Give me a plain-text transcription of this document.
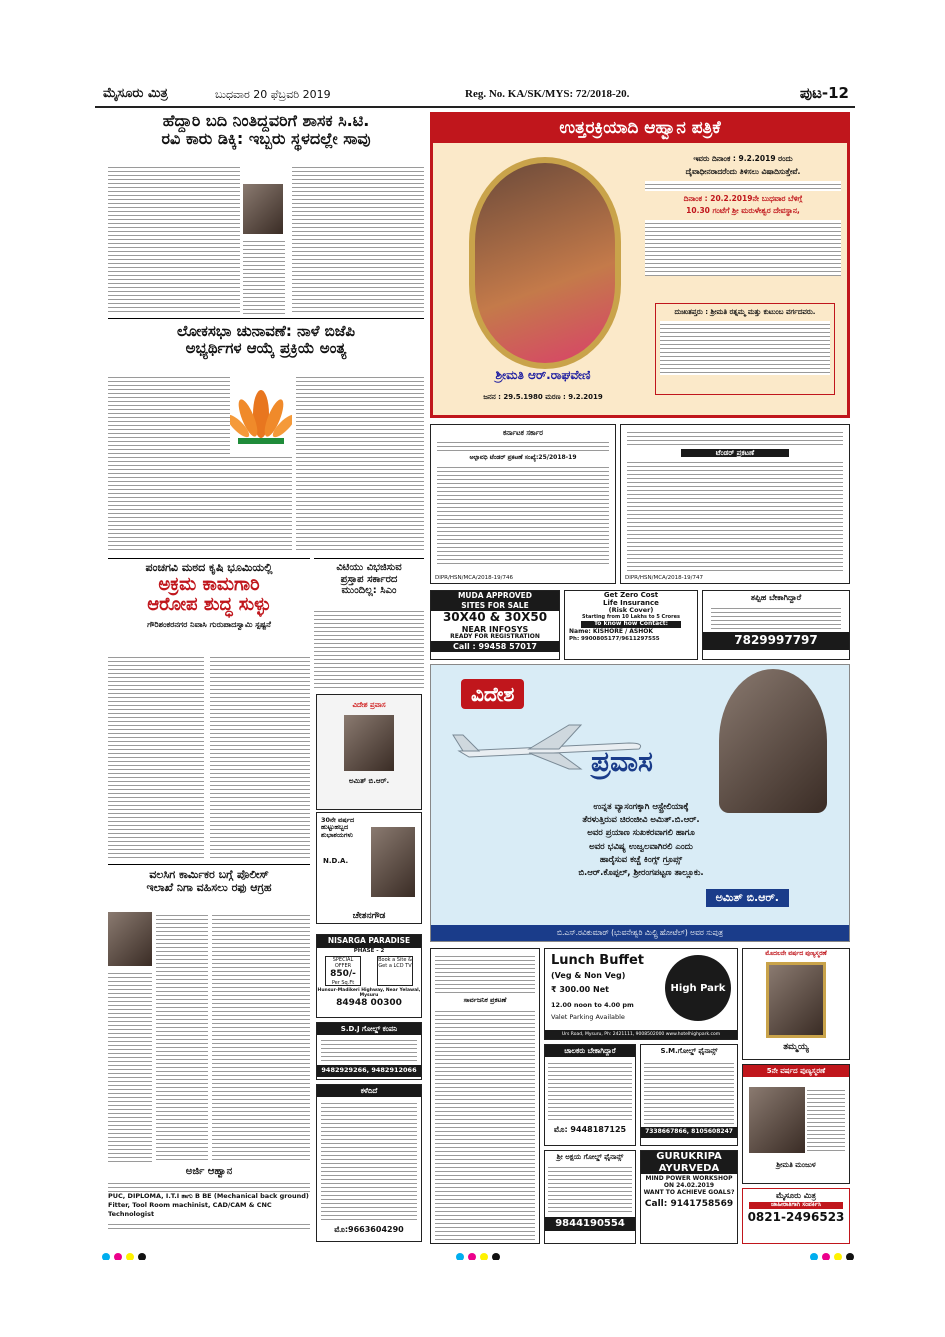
ಮೈಸೂರು ಮಿತ್ರ	ಬುಧವಾರ 20 ಫೆಬ್ರವರಿ 2019	Reg. No. KA/SK/MYS: 72/2018-20.	ಪುಟ-12
ಹೆದ್ದಾರಿ ಬದಿ ನಿಂತಿದ್ದವರಿಗೆ ಶಾಸಕ ಸಿ.ಟಿ.
ರವಿ ಕಾರು ಡಿಕ್ಕಿ: ಇಬ್ಬರು ಸ್ಥಳದಲ್ಲೇ ಸಾವು
ಲೋಕಸಭಾ ಚುನಾವಣೆ: ನಾಳೆ ಬಿಜೆಪಿ
ಅಭ್ಯರ್ಥಿಗಳ ಆಯ್ಕೆ ಪ್ರಕ್ರಿಯೆ ಅಂತ್ಯ
ಪಂಚಗವಿ ಮಠದ ಕೃಷಿ ಭೂಮಿಯಲ್ಲಿ
ಅಕ್ರಮ ಕಾಮಗಾರಿ
ಆರೋಪ ಶುದ್ಧ ಸುಳ್ಳು
ಗೌರಿಶಂಕರನಗರ ನಿವಾಸಿ ಗುರುಪಾದಸ್ವಾಮಿ ಸ್ಪಷ್ಟನೆ
ವಿಟಿಯು ವಿಭಜಿಸುವ
ಪ್ರಸ್ತಾಪ ಸರ್ಕಾರದ
ಮುಂದಿಲ್ಲ: ಸಿಎಂ
ವಿದೇಶ ಪ್ರವಾಸ
ಅಮಿತ್ ಬಿ.ಆರ್.
30ನೇ ವರ್ಷದ ಹುಟ್ಟುಹಬ್ಬದ ಶುಭಾಶಯಗಳು
N.D.A.
ಚೇತನಗೌಡ
NISARGA PARADISE
PHASE - 2
SPECIAL OFFER
850/-
Per Sq.Ft
Book a Site & Get a LCD TV
Hunsur-Madikeri Highway, Near Yelawal, Mysuru
84948 00300
S.D.J ಗೋಲ್ಡ್ ಕಂಪನಿ
9482929266, 9482912066
ಕಳೆದಿದೆ
ಮೊ:9663604290
ವಲಸಿಗ ಕಾರ್ಮಿಕರ ಬಗ್ಗೆ ಪೊಲೀಸ್
ಇಲಾಖೆ ನಿಗಾ ವಹಿಸಲು ರಫು ಆಗ್ರಹ
ಅರ್ಜಿ ಆಹ್ವಾನ
PUC, DIPLOMA, I.T.I ತಾಗು B BE (Mechanical back ground) Fitter, Tool Room machinist, CAD/CAM & CNC Technologist
ಉತ್ತರಕ್ರಿಯಾದಿ ಆಹ್ವಾನ ಪತ್ರಿಕೆ
ಶ್ರೀಮತಿ ಆರ್.ರಾಘವೇಣಿ
ಜನನ : 29.5.1980 ಮರಣ : 9.2.2019
ಇವರು ದಿನಾಂಕ : 9.2.2019 ರಂದು
ದೈವಾಧೀನರಾದರೆಂದು ತಿಳಿಸಲು ವಿಷಾದಿಸುತ್ತೇವೆ.
ದಿನಾಂಕ : 20.2.2019ನೇ ಬುಧವಾರ ಬೆಳಿಗ್ಗೆ
10.30 ಗಂಟೆಗೆ ಶ್ರೀ ಮರುಳೇಶ್ವರ ದೇವಸ್ಥಾನ,
ದುಃಖತಪ್ತರು : ಶ್ರೀಮತಿ ರತ್ನಮ್ಮ ಮತ್ತು ಕುಟುಂಬ ವರ್ಗದವರು.
ಕರ್ನಾಟಕ ಸರ್ಕಾರ
ಅಲ್ಪಾವಧಿ ಟೆಂಡರ್ ಪ್ರಕಟಣೆ ಸಂಖ್ಯೆ:25/2018-19
DIPR/HSN/MCA/2018-19/746
ಟೆಂಡರ್ ಪ್ರಕಟಣೆ
DIPR/HSN/MCA/2018-19/747
MUDA APPROVED
SITES FOR SALE
30X40 & 30X50
NEAR INFOSYS
READY FOR REGISTRATION
Call : 99458 57017
Get Zero Cost
Life Insurance
(Risk Cover)
Starting from 10 Lakhs to 5 Crores
To know how Contact:
Name: KISHORE / ASHOK
Ph: 9900805177/9611297555
ತಪ್ಪಿಹ ಬೇಕಾಗಿದ್ದಾರೆ
7829997797
ವಿದೇಶ
ಪ್ರವಾಸ
ಉನ್ನತ ವ್ಯಾಸಂಗಕ್ಕಾಗಿ ಆಸ್ಟ್ರೇಲಿಯಾಕ್ಕೆ
ತೆರಳುತ್ತಿರುವ ಚಿರಂಜೀವಿ ಅಮಿತ್.ಬಿ.ಆರ್.
ಅವರ ಪ್ರಯಾಣ ಸುಖಕರವಾಗಲಿ ಹಾಗೂ
ಅವರ ಭವಿಷ್ಯ ಉಜ್ವಲವಾಗಿರಲಿ ಎಂದು
ಹಾರೈಸುವ ಕಚ್ಚೆ ಕಿಂಗ್ಸ್ ಗ್ರೂಪ್ಸ್
ಬಿ.ಆರ್.ಕೊಪ್ಪಲ್, ಶ್ರೀರಂಗಪಟ್ಟಣ ತಾಲ್ಲೂಕು.
ಅಮಿತ್ ಬಿ.ಆರ್.
ಬಿ.ಎಸ್.ರವಿಕುಮಾರ್ (ಭುವನೇಶ್ವರಿ ಮಿಲ್ಟ್ರಿ ಹೋಟೆಲ್) ಅವರ ಸುಪುತ್ರ
ಸಾರ್ವಜನಿಕ ಪ್ರಕಟಣೆ
Lunch Buffet
(Veg & Non Veg)
₹ 300.00 Net
12.00 noon to 4.00 pm
Valet Parking Available
High Park
Urs Road, Mysuru, Ph: 2421111, 9008502000 www.hotelhighpark.com
ಚಾಲಕರು ಬೇಕಾಗಿದ್ದಾರೆ
ಮೊ: 9448187125
S.M.ಗೋಲ್ಡ್ ಫೈನಾನ್ಸ್
7338667866, 8105608247
ಶ್ರೀ ಅಕ್ಷಯ ಗೋಲ್ಡ್ ಫೈನಾನ್ಸ್
9844190554
GURUKRIPA
AYURVEDA
MIND POWER WORKSHOP
ON 24.02.2019
WANT TO ACHIEVE GOALS?
Call: 9141758569
ಮೊದಲನೇ ವರ್ಷದ ಪುಣ್ಯಸ್ಮರಣೆ
ತಮ್ಮಯ್ಯ
5ನೇ ವರ್ಷದ ಪುಣ್ಯಸ್ಮರಣೆ
ಶ್ರೀಮತಿ ಮಂಜುಳ
ಮೈಸೂರು ಮಿತ್ರ
ಜಾಹೀರಾತಿಗಾಗಿ ಸಂಪರ್ಕಿಸಿ
0821-2496523
